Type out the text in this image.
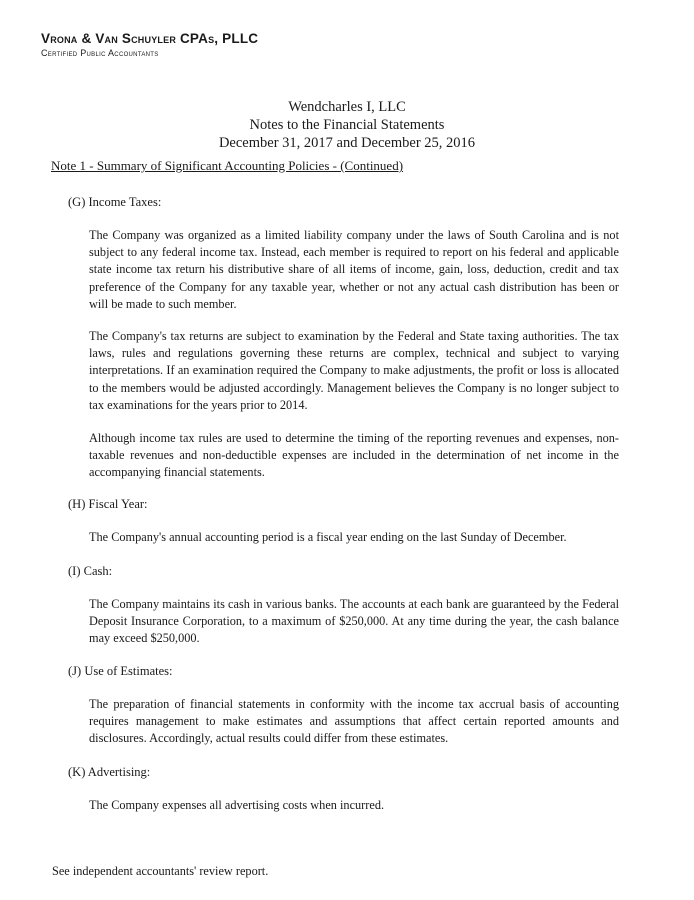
Vrona & Van Schuyler CPAs, PLLC
Certified Public Accountants
Wendcharles I, LLC
Notes to the Financial Statements
December 31, 2017 and December 25, 2016
Note 1 - Summary of Significant Accounting Policies - (Continued)
(G) Income Taxes:

The Company was organized as a limited liability company under the laws of South Carolina and is not subject to any federal income tax. Instead, each member is required to report on his federal and applicable state income tax return his distributive share of all items of income, gain, loss, deduction, credit and tax preference of the Company for any taxable year, whether or not any actual cash distribution has been or will be made to such member.

The Company's tax returns are subject to examination by the Federal and State taxing authorities. The tax laws, rules and regulations governing these returns are complex, technical and subject to varying interpretations. If an examination required the Company to make adjustments, the profit or loss is allocated to the members would be adjusted accordingly. Management believes the Company is no longer subject to tax examinations for the years prior to 2014.

Although income tax rules are used to determine the timing of the reporting revenues and expenses, non-taxable revenues and non-deductible expenses are included in the determination of net income in the accompanying financial statements.

(H) Fiscal Year:

The Company's annual accounting period is a fiscal year ending on the last Sunday of December.

(I) Cash:

The Company maintains its cash in various banks. The accounts at each bank are guaranteed by the Federal Deposit Insurance Corporation, to a maximum of $250,000. At any time during the year, the cash balance may exceed $250,000.

(J) Use of Estimates:

The preparation of financial statements in conformity with the income tax accrual basis of accounting requires management to make estimates and assumptions that affect certain reported amounts and disclosures. Accordingly, actual results could differ from these estimates.

(K) Advertising:

The Company expenses all advertising costs when incurred.

See independent accountants' review report.
